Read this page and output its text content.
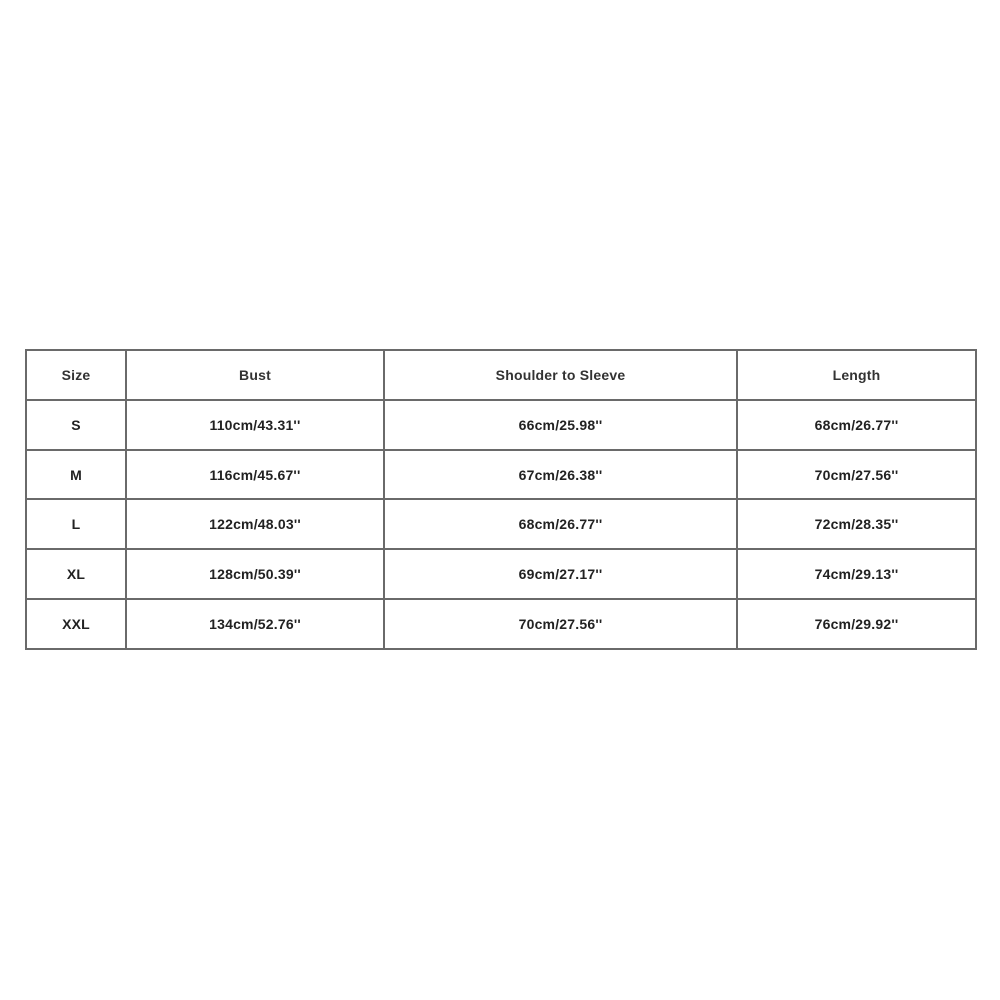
Size	Bust	Shoulder to Sleeve	Length
S	110cm/43.31''	66cm/25.98''	68cm/26.77''
M	116cm/45.67''	67cm/26.38''	70cm/27.56''
L	122cm/48.03''	68cm/26.77''	72cm/28.35''
XL	128cm/50.39''	69cm/27.17''	74cm/29.13''
XXL	134cm/52.76''	70cm/27.56''	76cm/29.92''
